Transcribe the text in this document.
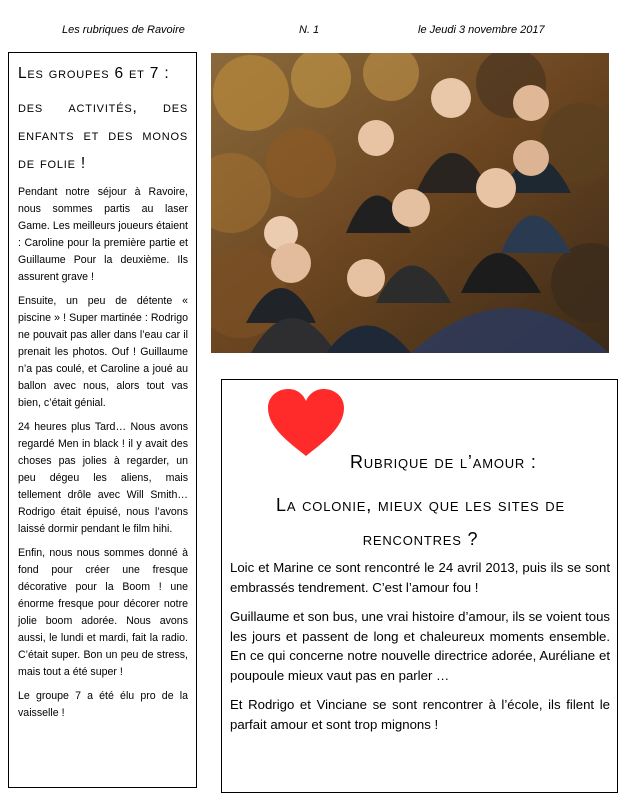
Les rubriques de Ravoire	N. 1	le Jeudi 3 novembre 2017
Les groupes 6 et 7 :
des activités, des enfants et des monos de folie !

Pendant notre séjour à Ravoire, nous sommes partis au laser Game. Les meilleurs joueurs étaient : Caroline pour la première partie et Guillaume Pour la deuxième. Ils assurent grave !

Ensuite, un peu de détente « piscine » ! Super martinée : Rodrigo ne pouvait pas aller dans l’eau car il prenait les photos. Ouf ! Guillaume n’a pas coulé, et Caroline a joué au ballon avec nous, alors tout vas bien, c’était génial.

24 heures plus Tard… Nous avons regardé Men in black ! il y avait des choses pas jolies à regarder, un peu dégeu les aliens, mais tellement drôle avec Will Smith… Rodrigo était épuisé, nous l’avons laissé dormir pendant le film hihi.

Enfin, nous nous sommes donné à fond pour créer une fresque décorative pour la Boom ! une énorme fresque pour décorer notre jolie boom adorée. Nous avons aussi, le lundi et mardi, fait la radio. C’était super. Bon un peu de stress, mais tout a été super !

Le groupe 7 a été élu pro de la vaisselle !

Rubrique de l’amour :
La colonie, mieux que les sites de rencontres ?

Loic et Marine ce sont rencontré le 24 avril 2013, puis ils se sont embrassés tendrement. C’est l’amour fou !

Guillaume et son bus, une vrai histoire d’amour, ils se voient tous les jours et passent de long et chaleureux moments ensemble. En ce qui concerne notre nouvelle directrice adorée, Auréliane et poupoule mieux vaut pas en parler …

Et Rodrigo et Vinciane se sont rencontrer à l’école, ils filent le parfait amour et sont trop mignons !
